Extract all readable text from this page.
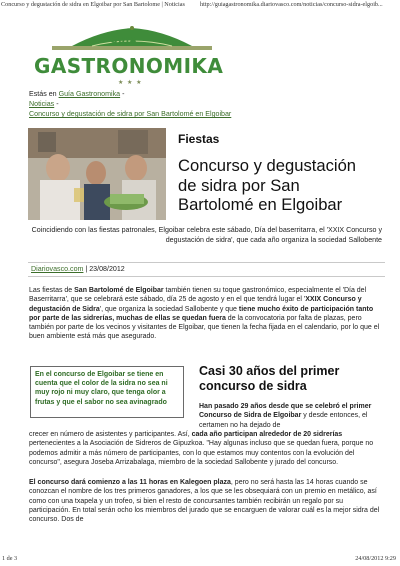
Concurso y degustación de sidra en Elgoibar por San Bartolome | Noticias http://guiagastronomika.diariovasco.com/noticias/concurso-sidra-elgoib...
GUIA
GASTRONOMIKA
★ ★ ★
Estás en Guía Gastronomika -
Noticias -
Concurso y degustación de sidra por San Bartolomé en Elgoibar
Fiestas
Concurso y degustación de sidra por San Bartolomé en Elgoibar
Coincidiendo con las fiestas patronales, Elgoibar celebra este sábado, Día del baserritarra, el 'XXIX Concurso y degustación de sidra', que cada año organiza la sociedad Sallobente
Diariovasco.com | 23/08/2012
Las fiestas de San Bartolomé de Elgoibar también tienen su toque gastronómico, especialmente el 'Día del Baserritarra', que se celebrará este sábado, día 25 de agosto y en el que tendrá lugar el 'XXIX Concurso y degustación de Sidra', que organiza la sociedad Sallobente y que tiene mucho éxito de participación tanto por parte de las sidrerías, muchas de ellas se quedan fuera de la convocatoria por falta de plazas, pero también por parte de los vecinos y visitantes de Elgoibar, que tienen la fecha fijada en el calendario, por lo que el buen ambiente está más que asegurado.
En el concurso de Elgoibar se tiene en cuenta que el color de la sidra no sea ni muy rojo ni muy claro, que tenga olor a frutas y que el sabor no sea avinagrado
Casi 30 años del primer concurso de sidra
Han pasado 29 años desde que se celebró el primer Concurso de Sidra de Elgoibar y desde entonces, el certamen no ha dejado de
crecer en número de asistentes y participantes. Así, cada año participan alrededor de 20 sidrerías pertenecientes a la Asociación de Sidreros de Gipuzkoa. "Hay algunas incluso que se quedan fuera, porque no podemos admitir a más número de participantes, con lo que estamos muy contentos con la evolución del concurso", asegura Joseba Arrizabalaga, miembro de la sociedad Sallobente y jurado del concurso.
El concurso dará comienzo a las 11 horas en Kalegoen plaza, pero no será hasta las 14 horas cuando se conozcan el nombre de los tres primeros ganadores, a los que se les obsequiará con un premio en metálico, así como con una txapela y un trofeo, si bien el resto de concursantes también recibirán un regalo por su participación. En total serán ocho los miembros del jurado que se encarguen de valorar cuál es la mejor sidra del concurso. Dos de
1 de 3	24/08/2012 9:29
